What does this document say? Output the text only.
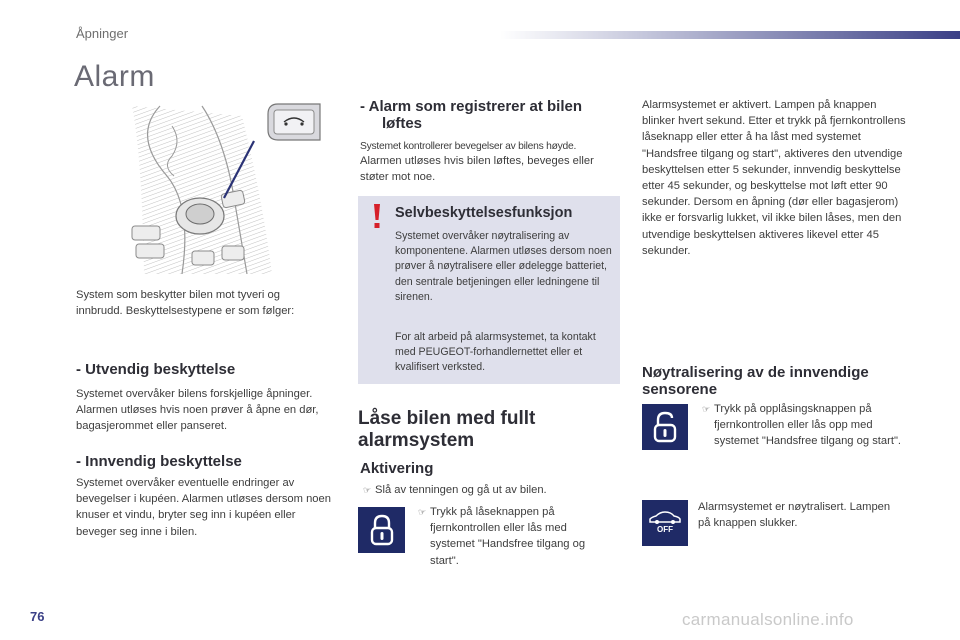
Åpninger
Alarm
System som beskytter bilen mot tyveri og innbrudd. Beskyttelsestypene er som følger:
- Utvendig beskyttelse
Systemet overvåker bilens forskjellige åpninger. Alarmen utløses hvis noen prøver å åpne en dør, bagasjerommet eller panseret.
- Innvendig beskyttelse
Systemet overvåker eventuelle endringer av bevegelser i kupéen. Alarmen utløses dersom noen knuser et vindu, bryter seg inn i kupéen eller beveger seg inne i bilen.
- Alarm som registrerer at bilen
løftes
Systemet kontrollerer bevegelser av bilens høyde.
Alarmen utløses hvis bilen løftes, beveges eller støter mot noe.
Selvbeskyttelsesfunksjon
Systemet overvåker nøytralisering av komponentene. Alarmen utløses dersom noen prøver å nøytralisere eller ødelegge batteriet, den sentrale betjeningen eller ledningene til sirenen.
For alt arbeid på alarmsystemet, ta kontakt med PEUGEOT-forhandlernettet eller et kvalifisert verksted.
Låse bilen med fullt alarmsystem
Aktivering
☞ Slå av tenningen og gå ut av bilen.
☞ Trykk på låseknappen på fjernkontrollen eller lås med systemet "Handsfree tilgang og start".
Alarmsystemet er aktivert. Lampen på knappen blinker hvert sekund. Etter et trykk på fjernkontrollens låseknapp eller etter å ha låst med systemet "Handsfree tilgang og start", aktiveres den utvendige beskyttelsen etter 5 sekunder, innvendig beskyttelse etter 45 sekunder, og beskyttelse mot løft etter 90 sekunder. Dersom en åpning (dør eller bagasjerom) ikke er forsvarlig lukket, vil ikke bilen låses, men den utvendige beskyttelsen aktiveres likevel etter 45 sekunder.
Nøytralisering av de innvendige sensorene
☞ Trykk på opplåsingsknappen på fjernkontrollen eller lås opp med systemet "Handsfree tilgang og start".
OFF
Alarmsystemet er nøytralisert. Lampen på knappen slukker.
76	carmanualsonline.info
